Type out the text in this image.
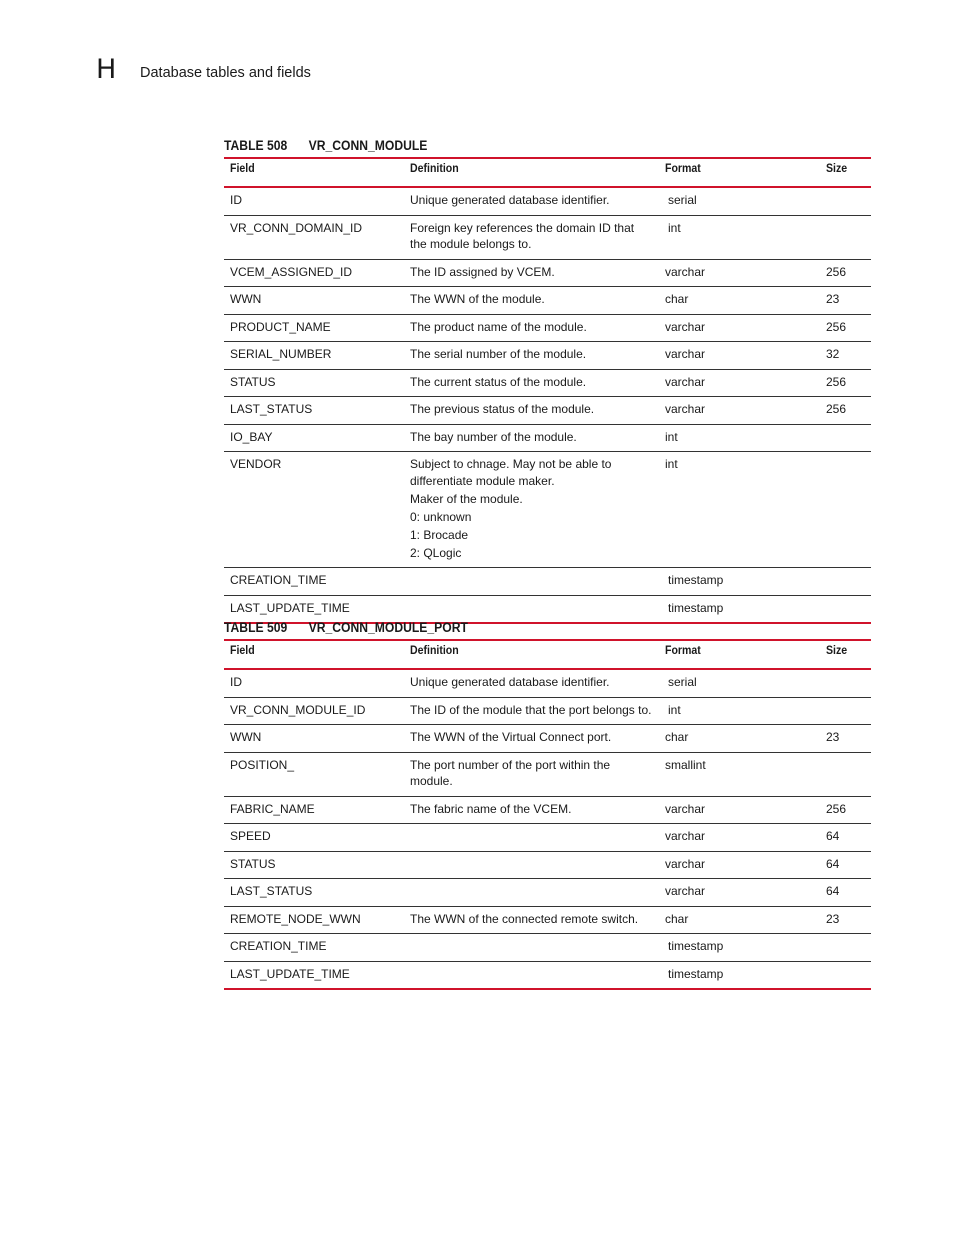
H Database tables and fields
TABLE 508 VR_CONN_MODULE
Field	Definition	Format	Size
ID	Unique generated database identifier.	serial	
VR_CONN_DOMAIN_ID	Foreign key references the domain ID that the module belongs to.	int	
VCEM_ASSIGNED_ID	The ID assigned by VCEM.	varchar	256
WWN	The WWN of the module.	char	23
PRODUCT_NAME	The product name of the module.	varchar	256
SERIAL_NUMBER	The serial number of the module.	varchar	32
STATUS	The current status of the module.	varchar	256
LAST_STATUS	The previous status of the module.	varchar	256
IO_BAY	The bay number of the module.	int	
VENDOR	Subject to chnage. May not be able to differentiate module maker.
Maker of the module.
0: unknown
1: Brocade
2: QLogic	int	
CREATION_TIME		timestamp	
LAST_UPDATE_TIME		timestamp	
TABLE 509 VR_CONN_MODULE_PORT
Field	Definition	Format	Size
ID	Unique generated database identifier.	serial	
VR_CONN_MODULE_ID	The ID of the module that the port belongs to.	int	
WWN	The WWN of the Virtual Connect port.	char	23
POSITION_	The port number of the port within the module.	smallint	
FABRIC_NAME	The fabric name of the VCEM.	varchar	256
SPEED		varchar	64
STATUS		varchar	64
LAST_STATUS		varchar	64
REMOTE_NODE_WWN	The WWN of the connected remote switch.	char	23
CREATION_TIME		timestamp	
LAST_UPDATE_TIME		timestamp	
